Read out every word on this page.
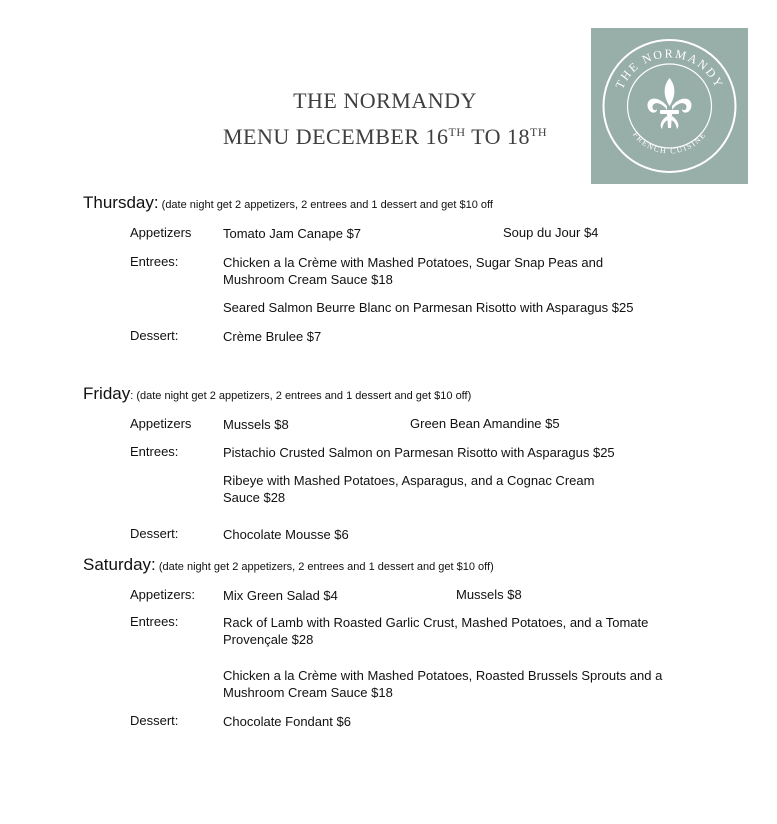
THE NORMANDY
MENU DECEMBER 16TH TO 18TH
THE NORMANDY
FRENCH CUISINE
Thursday: (date night get 2 appetizers, 2 entrees and 1 dessert and get $10 off
Appetizers Tomato Jam Canape $7	Soup du Jour $4
Entrees:	Chicken a la Crème with Mashed Potatoes, Sugar Snap Peas and Mushroom Cream Sauce $18
Seared Salmon Beurre Blanc on Parmesan Risotto with Asparagus $25
Dessert:	Crème Brulee $7
Friday: (date night get 2 appetizers, 2 entrees and 1 dessert and get $10 off)
Appetizers Mussels $8	Green Bean Amandine $5
Entrees:	Pistachio Crusted Salmon on Parmesan Risotto with Asparagus $25
Ribeye with Mashed Potatoes, Asparagus, and a Cognac Cream Sauce $28
Dessert:	Chocolate Mousse $6
Saturday: (date night get 2 appetizers, 2 entrees and 1 dessert and get $10 off)
Appetizers: Mix Green Salad $4	Mussels $8
Entrees:	Rack of Lamb with Roasted Garlic Crust, Mashed Potatoes, and a Tomate Provençale $28
Chicken a la Crème with Mashed Potatoes, Roasted Brussels Sprouts and a Mushroom Cream Sauce $18
Dessert:	Chocolate Fondant $6
